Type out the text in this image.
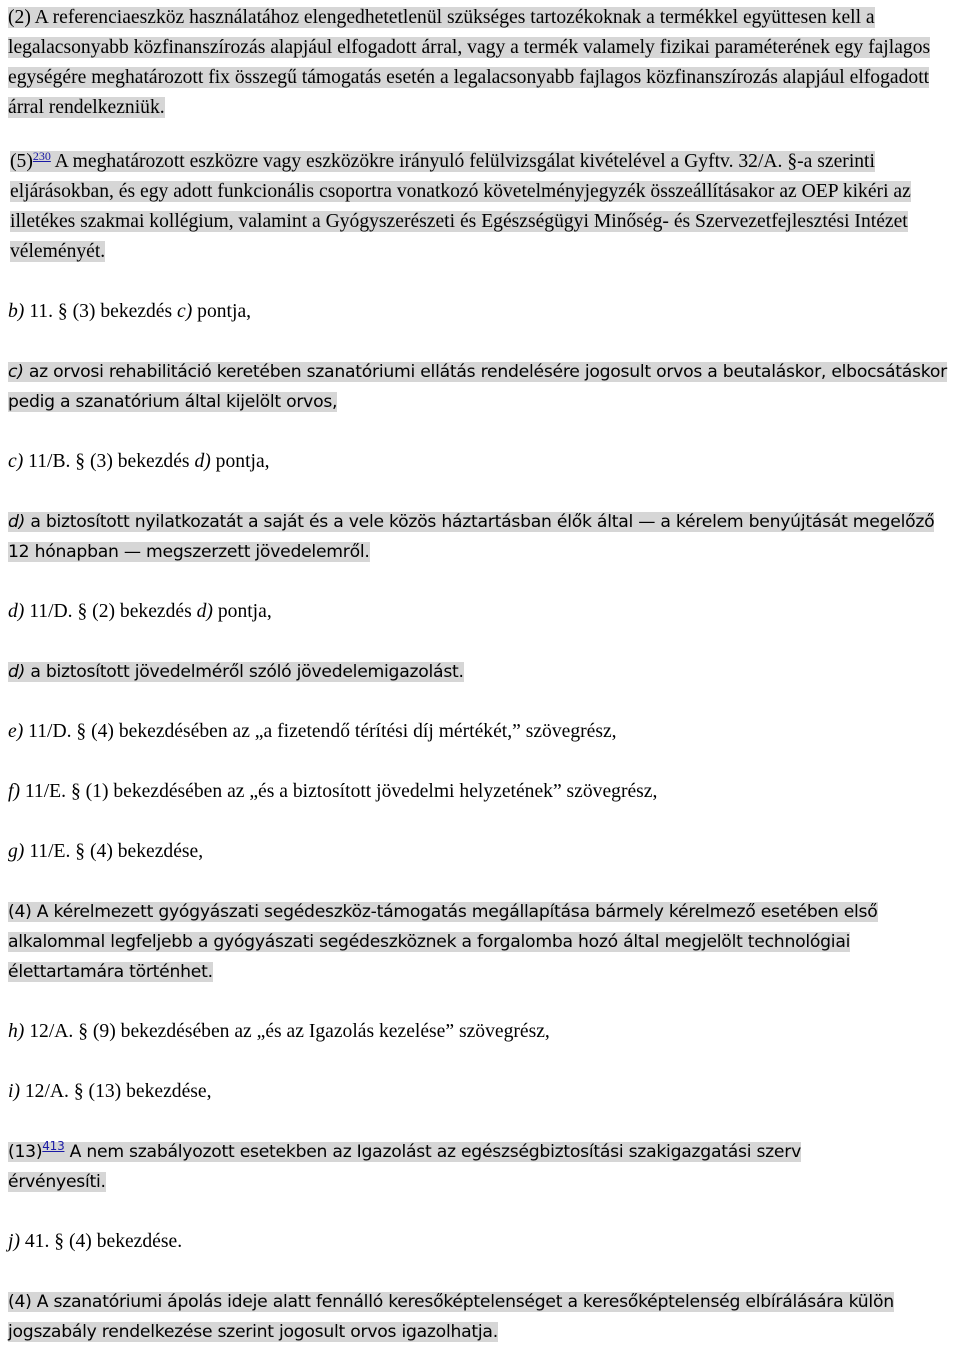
(2) A referenciaeszköz használatához elengedhetetlenül szükséges tartozékoknak a termékkel együttesen kell a legalacsonyabb közfinanszírozás alapjául elfogadott árral, vagy a termék valamely fizikai paraméterének egy fajlagos egységére meghatározott fix összegű támogatás esetén a legalacsonyabb fajlagos közfinanszírozás alapjául elfogadott árral rendelkezniük.

(5)$^{230}$ A meghatározott eszközre vagy eszközökre irányuló felülvizsgálat kivételével a Gyftv. 32/A. §-a szerinti eljárásokban, és egy adott funkcionális csoportra vonatkozó követelményjegyzék összeállításakor az OEP kikéri az illetékes szakmai kollégium, valamint a Gyógyszerészeti és Egészségügyi Minőség- és Szervezetfejlesztési Intézet véleményét.

b) 11. § (3) bekezdés c) pontja,

c) az orvosi rehabilitáció keretében szanatóriumi ellátás rendelésére jogosult orvos a beutaláskor, elbocsátáskor pedig a szanatórium által kijelölt orvos,

c) 11/B. § (3) bekezdés d) pontja,

d) a biztosított nyilatkozatát a saját és a vele közös háztartásban élők által — a kérelem benyújtását megelőző 12 hónapban — megszerzett jövedelemről.

d) 11/D. § (2) bekezdés d) pontja,

d) a biztosított jövedelméről szóló jövedelemigazolást.

e) 11/D. § (4) bekezdésében az „a fizetendő térítési díj mértékét,” szövegrész,

f) 11/E. § (1) bekezdésében az „és a biztosított jövedelmi helyzetének” szövegrész,

g) 11/E. § (4) bekezdése,

(4) A kérelmezett gyógyászati segédeszköz-támogatás megállapítása bármely kérelmező esetében első alkalommal legfeljebb a gyógyászati segédeszköznek a forgalomba hozó által megjelölt technológiai élettartamára történhet.

h) 12/A. § (9) bekezdésében az „és az Igazolás kezelése” szövegrész,

i) 12/A. § (13) bekezdése,

(13)$^{413}$ A nem szabályozott esetekben az Igazolást az egészségbiztosítási szakigazgatási szerv
érvényesíti.

j) 41. § (4) bekezdése.

(4) A szanatóriumi ápolás ideje alatt fennálló keresőképtelenséget a keresőképtelenség elbírálására külön jogszabály rendelkezése szerint jogosult orvos igazolhatja.
